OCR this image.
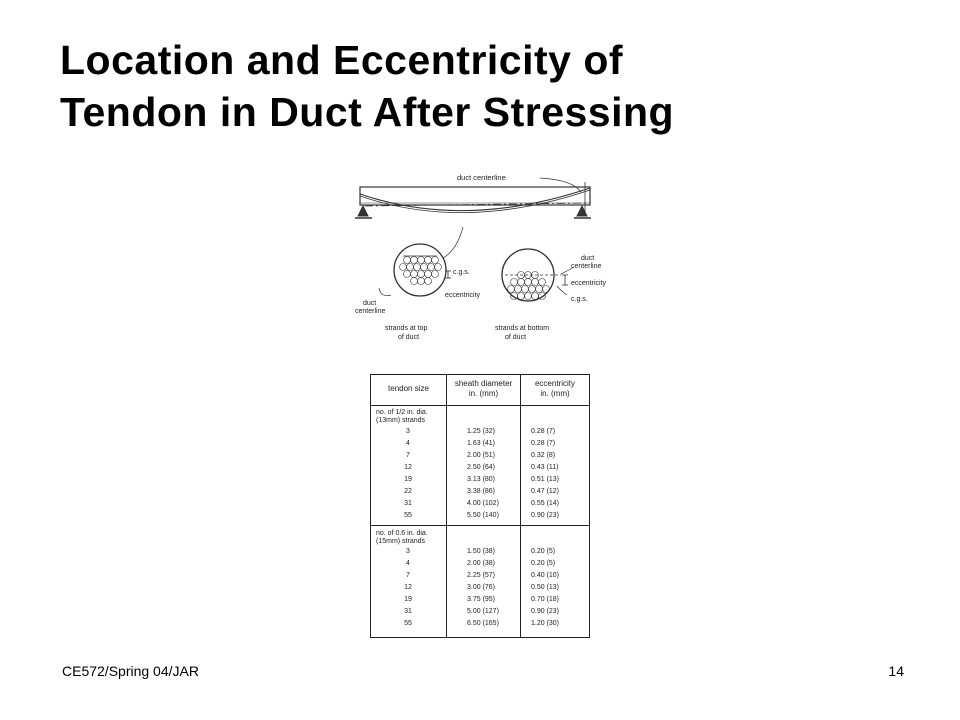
Location and Eccentricity of
Tendon in Duct After Stressing
duct centerline
c.g.s.
eccentricity
duct
centerline
strands at top
of duct
duct
centerline
eccentricity
c.g.s.
strands at bottom
of duct
tendon size
sheath diameter
in. (mm)
eccentricity
in. (mm)
no. of 1/2 in. dia.
(13mm) strands
3	1.25 (32)	0.28 (7)
4	1.63 (41)	0.28 (7)
7	2.00 (51)	0.32 (8)
12	2.50 (64)	0.43 (11)
19	3.13 (80)	0.51 (13)
22	3.38 (86)	0.47 (12)
31	4.00 (102)	0.55 (14)
55	5.50 (140)	0.90 (23)
no. of 0.6 in. dia.
(15mm) strands
3	1.50 (38)	0.20 (5)
4	2.00 (38)	0.20 (5)
7	2.25 (57)	0.40 (10)
12	3.00 (76)	0.50 (13)
19	3.75 (95)	0.70 (18)
31	5.00 (127)	0.90 (23)
55	6.50 (165)	1.20 (30)
CE572/Spring 04/JAR	14
